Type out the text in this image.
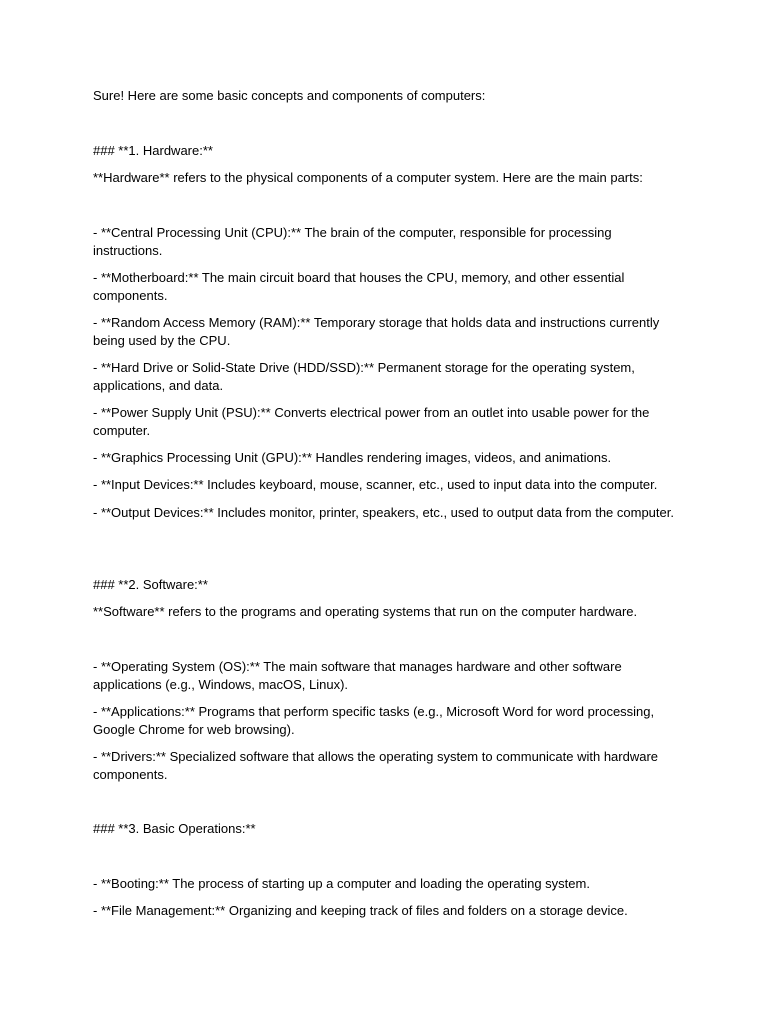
Sure! Here are some basic concepts and components of computers:
### **1. Hardware:**
**Hardware** refers to the physical components of a computer system. Here are the main parts:
- **Central Processing Unit (CPU):** The brain of the computer, responsible for processing instructions.
- **Motherboard:** The main circuit board that houses the CPU, memory, and other essential components.
- **Random Access Memory (RAM):** Temporary storage that holds data and instructions currently being used by the CPU.
- **Hard Drive or Solid-State Drive (HDD/SSD):** Permanent storage for the operating system, applications, and data.
- **Power Supply Unit (PSU):** Converts electrical power from an outlet into usable power for the computer.
- **Graphics Processing Unit (GPU):** Handles rendering images, videos, and animations.
- **Input Devices:** Includes keyboard, mouse, scanner, etc., used to input data into the computer.
- **Output Devices:** Includes monitor, printer, speakers, etc., used to output data from the computer.
### **2. Software:**
**Software** refers to the programs and operating systems that run on the computer hardware.
- **Operating System (OS):** The main software that manages hardware and other software applications (e.g., Windows, macOS, Linux).
- **Applications:** Programs that perform specific tasks (e.g., Microsoft Word for word processing, Google Chrome for web browsing).
- **Drivers:** Specialized software that allows the operating system to communicate with hardware components.
### **3. Basic Operations:**
- **Booting:** The process of starting up a computer and loading the operating system.
- **File Management:** Organizing and keeping track of files and folders on a storage device.
